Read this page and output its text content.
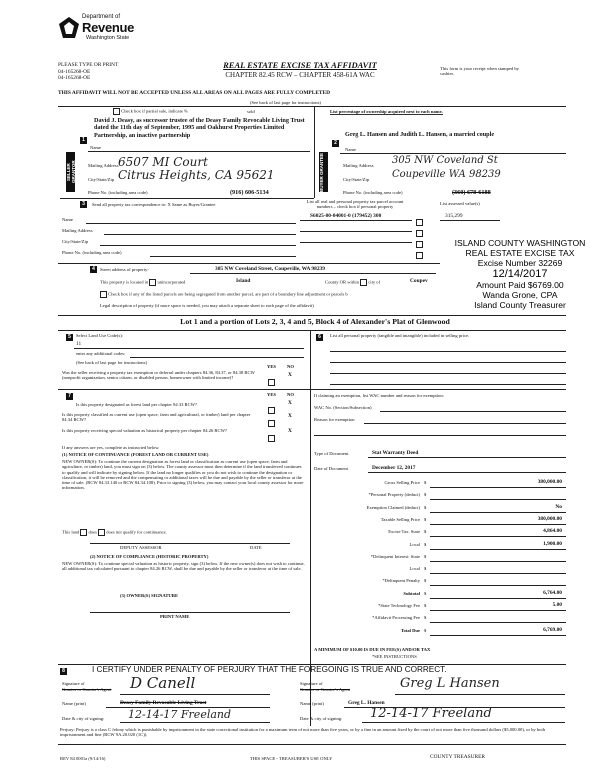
Department of
Revenue
Washington State
PLEASE TYPE OR PRINT
04-165268-OE
04-165268-OE
REAL ESTATE EXCISE TAX AFFIDAVIT
CHAPTER 82.45 RCW – CHAPTER 458-61A WAC
This form is your receipt when stamped by cashier.
THIS AFFIDAVIT WILL NOT BE ACCEPTED UNLESS ALL AREAS ON ALL PAGES ARE FULLY COMPLETED
(See back of last page for instructions)
Check box if partial sale, indicate %	sold	List percentage of ownership acquired next to each name.
SELLER GRANTOR
1
David J. Deasy, as successor trustee of the Deasy Family Revocable Living Trust dated the 11th day of September, 1995 and Oakhurst Properties Limited Partnership, an inactive partnership
Name
Mailing Address 6507 MI Court
City/State/Zip Citrus Heights, CA 95621
Phone No. (including area code)	(916) 606-5134
BUYER GRANTEE
2
Greg L. Hansen and Judith L. Hansen, a married couple
Name
Mailing Address 305 NW Coveland St
City/State/Zip Coupeville WA 98239
Phone No. (including area code)	(360) 678-6188
3	Send all property tax correspondence to: X Same as Buyer/Grantee
Name
Mailing Address
City/State/Zip
Phone No. (including area code)
List all real and personal property tax parcel account numbers – check box if personal property
List assessed value(s)
S6025-00-04001-0 (179452) 300	315,299
ISLAND COUNTY WASHINGTON
REAL ESTATE EXCISE TAX
Excise Number 32269
12/14/2017
Amount Paid $6769.00
Wanda Grone, CPA
Island County Treasurer
4	Street address of property:	305 NW Coveland Street, Coupeville, WA 98239
This property is located in unincorporated	Island	County OR within city of	Coupev
Check box if any of the listed parcels are being segregated from another parcel, are part of a boundary line adjustment or parcels b
Legal description of property (if more space is needed, you may attach a separate sheet to each page of the affidavit)
Lot 1 and a portion of Lots 2, 3, 4 and 5, Block 4 of Alexander's Plat of Glenwood
5	Select Land Use Code(s):
11
enter any additional codes:
(See back of last page for instructions)
YES NO
Was the seller receiving a property tax exemption or deferral under chapters 84.36, 84.37, or 84.38 RCW (nonprofit organization, senior citizen, or disabled person, homeowner with limited income)?	X
6	List all personal property (tangible and intangible) included in selling price.
7	YES NO
Is this property designated as forest land per chapter 84.33 RCW?	X
Is this property classified as current use (open space, farm and agricultural, or timber) land per chapter 84.34 RCW?
X
Is this property receiving special valuation as historical property per chapter 84.26 RCW?	X
If any answers are yes, complete as instructed below.
(1) NOTICE OF CONTINUANCE (FOREST LAND OR CURRENT USE)
NEW OWNER(S): To continue the current designation as forest land or classification as current use (open space, farm and agriculture, or timber) land, you must sign on (3) below. The county assessor must then determine if the land transferred continues to qualify and will indicate by signing below. If the land no longer qualifies or you do not wish to continue the designation or classification, it will be removed and the compensating or additional taxes will be due and payable by the seller or transferor at the time of sale. (RCW 84.33.140 or RCW 84.34.108). Prior to signing (3) below, you may contact your local county assessor for more information.
This land does does not qualify for continuance.
DEPUTY ASSESSOR	DATE
(2) NOTICE OF COMPLIANCE (HISTORIC PROPERTY)
NEW OWNER(S): To continue special valuation as historic property, sign (3) below. If the new owner(s) does not wish to continue, all additional tax calculated pursuant to chapter 84.26 RCW, shall be due and payable by the seller or transferor at the time of sale.
(3) OWNER(S) SIGNATURE
PRINT NAME
If claiming an exemption, list WAC number and reason for exemption:
WAC No. (Section/Subsection)
Reason for exemption
Type of Document	Stat Warranty Deed
Date of Document	December 12, 2017
Gross Selling Price $	380,000.00
*Personal Property (deduct) $
Exemption Claimed (deduct) $	No
Taxable Selling Price $	380,000.00
Excise Tax: State $	4,864.00
Local $	1,900.00
*Delinquent Interest: State $
Local $
*Delinquent Penalty $
Subtotal $	6,764.00
*State Technology Fee $	5.00
*Affidavit Processing Fee $
Total Due $	6,769.00
A MINIMUM OF $10.00 IS DUE IN FEE(S) AND/OR TAX
*SEE INSTRUCTIONS
8	I CERTIFY UNDER PENALTY OF PERJURY THAT THE FOREGOING IS TRUE AND CORRECT.
Signature of
Grantor or Grantor's Agent D Canell
Name (print)	Deasy Family Revocable Living Trust
Date & city of signing: 12-14-17 Freeland
Signature of
Grantee or Grantee's Agent	Greg L Hansen
Name (print)	Greg L. Hansen
Date & city of signing: 12-14-17 Freeland
Perjury: Perjury is a class C felony which is punishable by imprisonment in the state correctional institution for a maximum term of not more than five years, or by a fine in an amount fixed by the court of not more than five thousand dollars ($5,000.00), or by both imprisonment and fine (RCW 9A.20.020 (1C)).
REV 84 0001a (9/14/16)	THIS SPACE - TREASURER'S USE ONLY	COUNTY TREASURER
